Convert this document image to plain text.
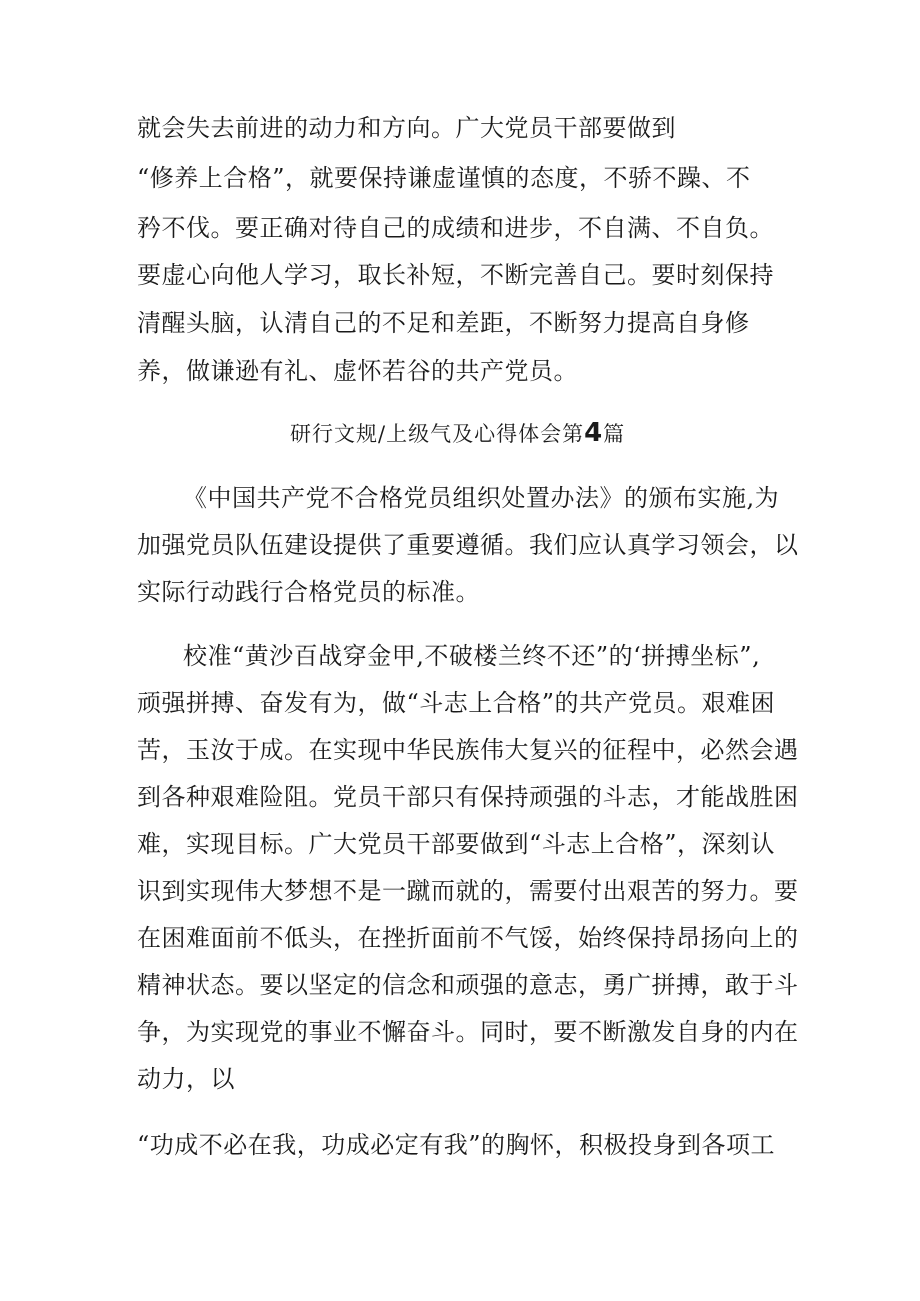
就会失去前进的动力和方向。广大党员干部要做到
“修养上合格”，就要保持谦虚谨慎的态度，不骄不躁、不
矜不伐。要正确对待自己的成绩和进步，不自满、不自负。
要虚心向他人学习，取长补短，不断完善自己。要时刻保持
清醒头脑，认清自己的不足和差距，不断努力提高自身修
养，做谦逊有礼、虚怀若谷的共产党员。
研行文规/上级气及心得体会第4篇
《中国共产党不合格党员组织处置办法》的颁布实施,为
加强党员队伍建设提供了重要遵循。我们应认真学习领会，以
实际行动践行合格党员的标准。
校准“黄沙百战穿金甲,不破楼兰终不还”的‘拼搏坐标”,
顽强拼搏、奋发有为，做“斗志上合格”的共产党员。艰难困
苦，玉汝于成。在实现中华民族伟大复兴的征程中，必然会遇
到各种艰难险阻。党员干部只有保持顽强的斗志，才能战胜困
难，实现目标。广大党员干部要做到“斗志上合格”，深刻认
识到实现伟大梦想不是一蹴而就的，需要付出艰苦的努力。要
在困难面前不低头，在挫折面前不气馁，始终保持昂扬向上的
精神状态。要以坚定的信念和顽强的意志，勇广拼搏，敢于斗
争，为实现党的事业不懈奋斗。同时，要不断激发自身的内在
动力，以
“功成不必在我，功成必定有我”的胸怀，积极投身到各项工
